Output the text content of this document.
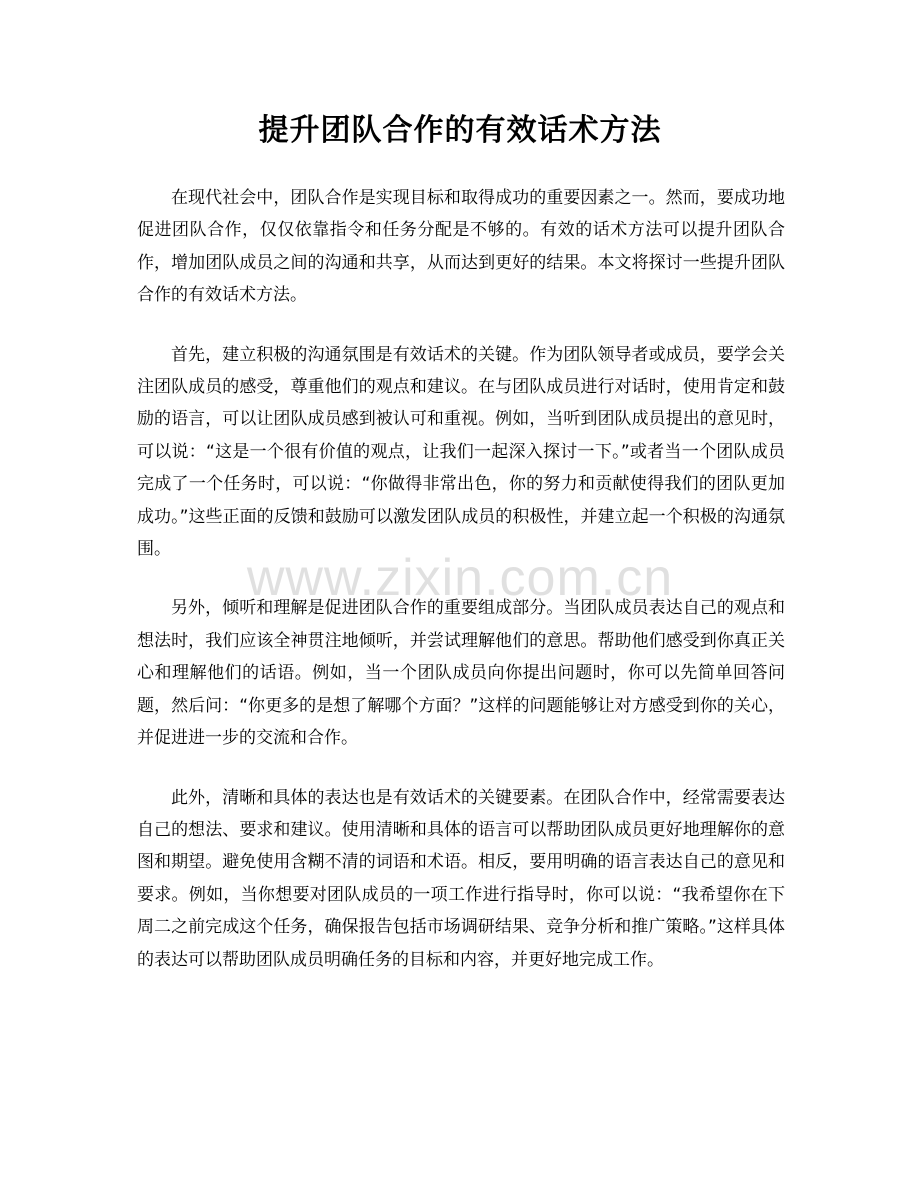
提升团队合作的有效话术方法

在现代社会中，团队合作是实现目标和取得成功的重要因素之一。然而，要成功地促进团队合作，仅仅依靠指令和任务分配是不够的。有效的话术方法可以提升团队合作，增加团队成员之间的沟通和共享，从而达到更好的结果。本文将探讨一些提升团队合作的有效话术方法。

首先，建立积极的沟通氛围是有效话术的关键。作为团队领导者或成员，要学会关注团队成员的感受，尊重他们的观点和建议。在与团队成员进行对话时，使用肯定和鼓励的语言，可以让团队成员感到被认可和重视。例如，当听到团队成员提出的意见时，可以说：“这是一个很有价值的观点，让我们一起深入探讨一下。”或者当一个团队成员完成了一个任务时，可以说：“你做得非常出色，你的努力和贡献使得我们的团队更加成功。”这些正面的反馈和鼓励可以激发团队成员的积极性，并建立起一个积极的沟通氛围。

另外，倾听和理解是促进团队合作的重要组成部分。当团队成员表达自己的观点和想法时，我们应该全神贯注地倾听，并尝试理解他们的意思。帮助他们感受到你真正关心和理解他们的话语。例如，当一个团队成员向你提出问题时，你可以先简单回答问题，然后问：“你更多的是想了解哪个方面？”这样的问题能够让对方感受到你的关心，并促进进一步的交流和合作。

此外，清晰和具体的表达也是有效话术的关键要素。在团队合作中，经常需要表达自己的想法、要求和建议。使用清晰和具体的语言可以帮助团队成员更好地理解你的意图和期望。避免使用含糊不清的词语和术语。相反，要用明确的语言表达自己的意见和要求。例如，当你想要对团队成员的一项工作进行指导时，你可以说：“我希望你在下周二之前完成这个任务，确保报告包括市场调研结果、竞争分析和推广策略。”这样具体的表达可以帮助团队成员明确任务的目标和内容，并更好地完成工作。

www.zixin.com.cn
